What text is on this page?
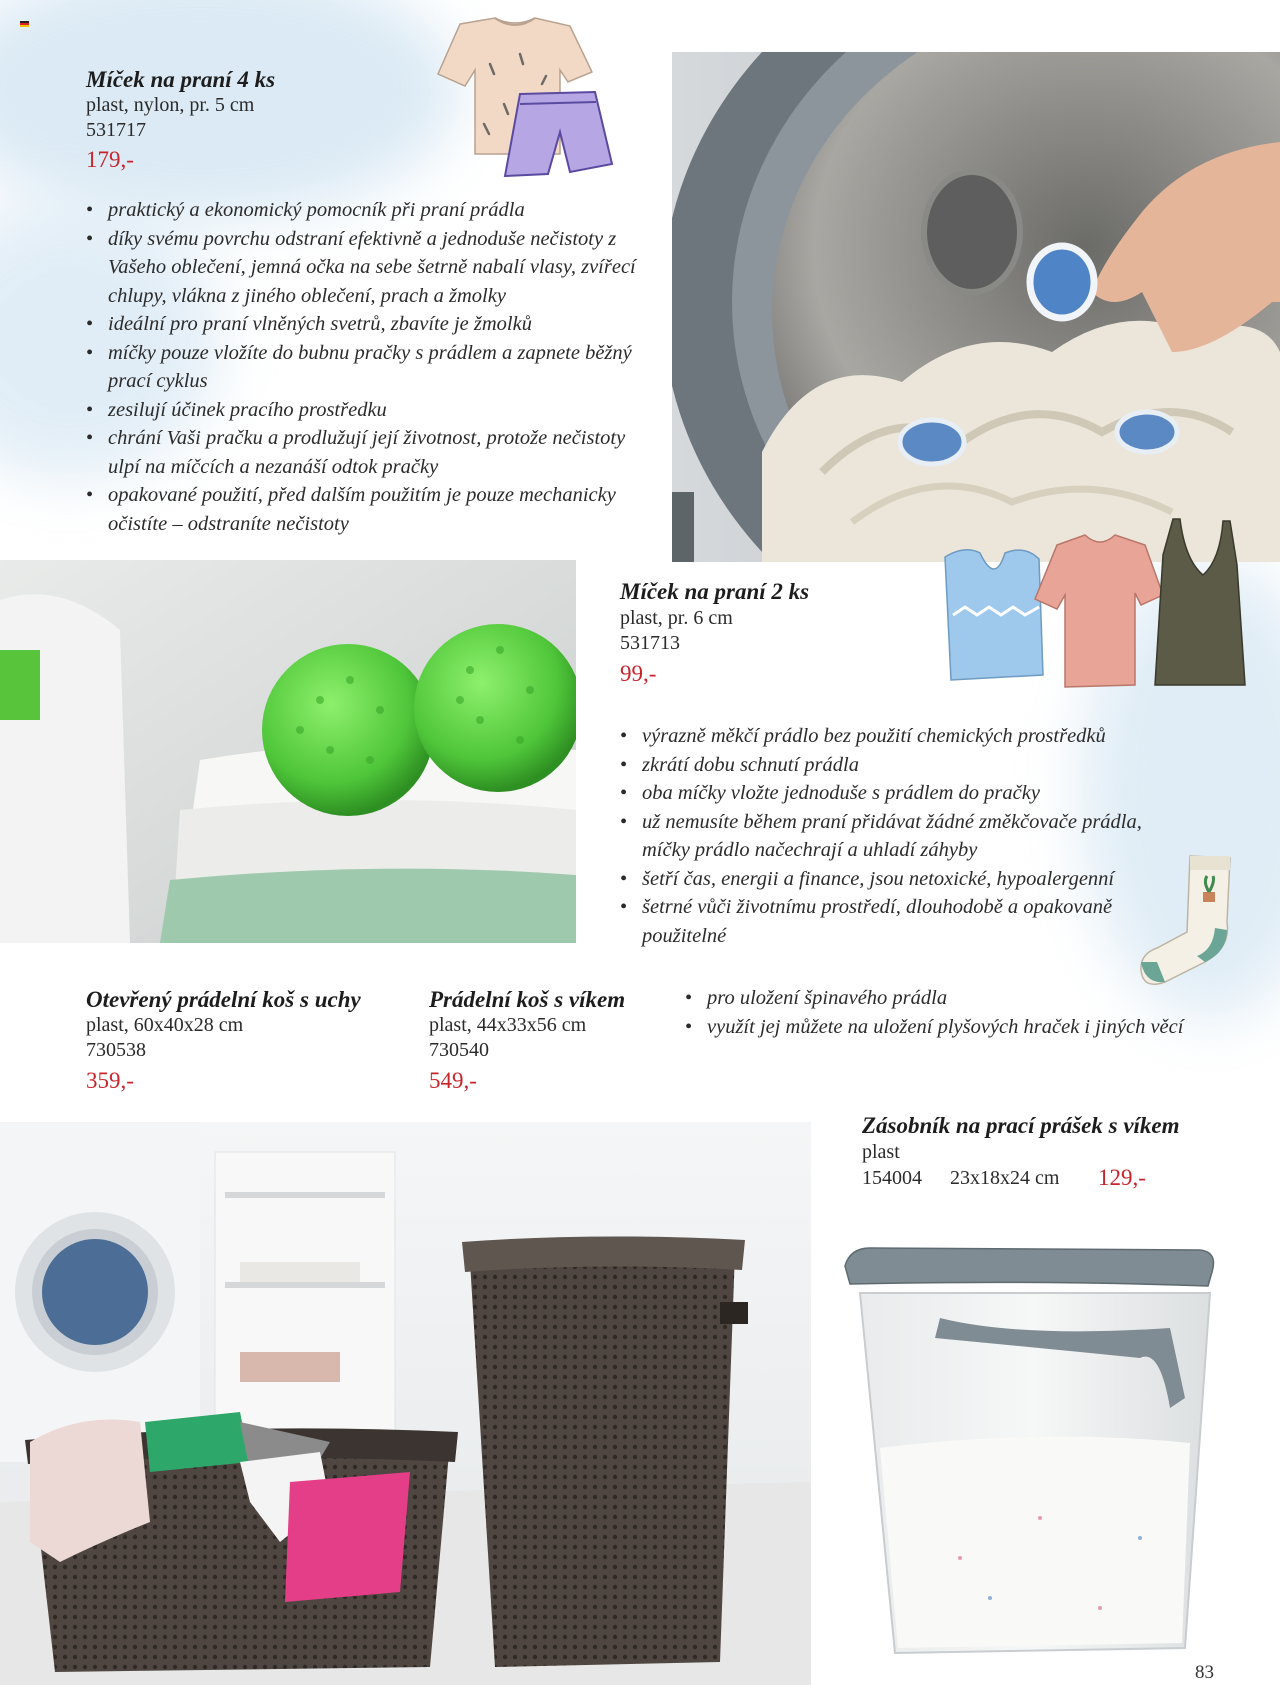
Míček na praní 4 ks

plast, nylon, pr. 5 cm

531717

179,-

• praktický a ekonomický pomocník při praní prádla
• díky svému povrchu odstraní efektivně a jednoduše nečistoty z Vašeho oblečení, jemná očka na sebe šetrně nabalí vlasy, zvířecí chlupy, vlákna z jiného oblečení, prach a žmolky
• ideální pro praní vlněných svetrů, zbavíte je žmolků
• míčky pouze vložíte do bubnu pračky s prádlem a zapnete běžný prací cyklus
• zesilují účinek pracího prostředku
• chrání Vaši pračku a prodlužují její životnost, protože nečistoty ulpí na míčcích a nezanáší odtok pračky
• opakované použití, před dalším použitím je pouze mechanicky očistíte – odstraníte nečistoty
Míček na praní 2 ks

plast, pr. 6 cm

531713

99,-

• výrazně měkčí prádlo bez použití chemických prostředků
• zkrátí dobu schnutí prádla
• oba míčky vložte jednoduše s prádlem do pračky
• už nemusíte během praní přidávat žádné změkčovače prádla, míčky prádlo načechrají a uhladí záhyby
• šetří čas, energii a finance, jsou netoxické, hypoalergenní
• šetrné vůči životnímu prostředí, dlouhodobě a opakovaně použitelné
Otevřený prádelní koš s uchy

plast, 60x40x28 cm

730538

359,-

Prádelní koš s víkem

plast, 44x33x56 cm

730540

549,-

• pro uložení špinavého prádla
• využít jej můžete na uložení plyšových hraček i jiných věcí
Zásobník na prací prášek s víkem

plast

154004 23x18x24 cm 129,-

83
